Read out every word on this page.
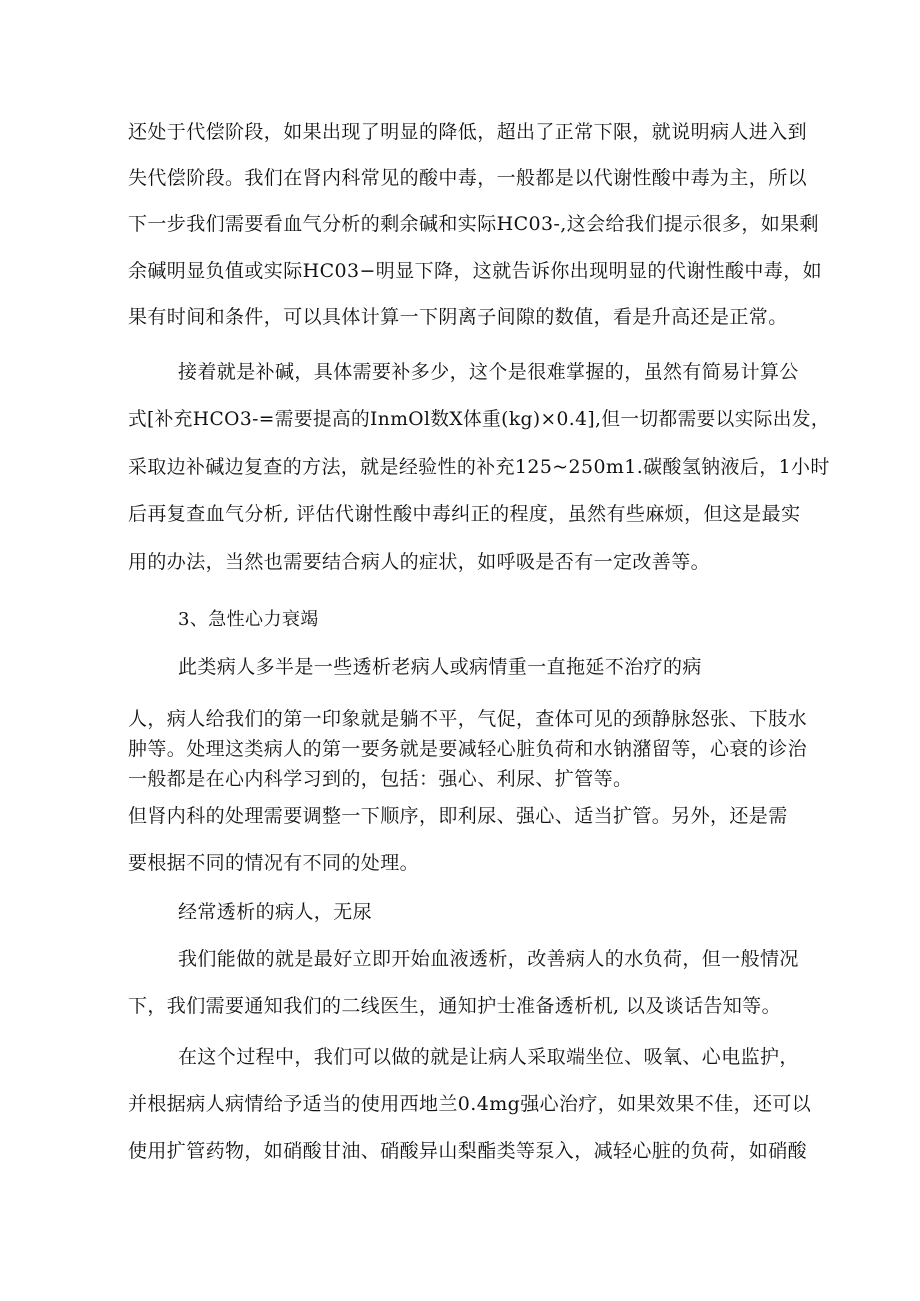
还处于代偿阶段，如果出现了明显的降低，超出了正常下限，就说明病人进入到
失代偿阶段。我们在肾内科常见的酸中毒，一般都是以代谢性酸中毒为主，所以
下一步我们需要看血气分析的剩余碱和实际HC03-,这会给我们提示很多，如果剩
余碱明显负值或实际HC03−明显下降，这就告诉你出现明显的代谢性酸中毒，如
果有时间和条件，可以具体计算一下阴离子间隙的数值，看是升高还是正常。
接着就是补碱，具体需要补多少，这个是很难掌握的，虽然有简易计算公
式[补充HCO3-=需要提高的InmOl数X体重(kg)×0.4],但一切都需要以实际出发，
采取边补碱边复查的方法，就是经验性的补充125~250m1.碳酸氢钠液后，1小时
后再复查血气分析, 评估代谢性酸中毒纠正的程度，虽然有些麻烦，但这是最实
用的办法，当然也需要结合病人的症状，如呼吸是否有一定改善等。
3、急性心力衰竭
此类病人多半是一些透析老病人或病情重一直拖延不治疗的病
人，病人给我们的第一印象就是躺不平，气促，查体可见的颈静脉怒张、下肢水
肿等。处理这类病人的第一要务就是要减轻心脏负荷和水钠潴留等，心衰的诊治
一般都是在心内科学习到的，包括：强心、利尿、扩管等。
但肾内科的处理需要调整一下顺序，即利尿、强心、适当扩管。另外，还是需
要根据不同的情况有不同的处理。
经常透析的病人，无尿
我们能做的就是最好立即开始血液透析，改善病人的水负荷，但一般情况
下，我们需要通知我们的二线医生，通知护士准备透析机, 以及谈话告知等。
在这个过程中，我们可以做的就是让病人采取端坐位、吸氧、心电监护，
并根据病人病情给予适当的使用西地兰0.4mg强心治疗，如果效果不佳，还可以
使用扩管药物，如硝酸甘油、硝酸异山梨酯类等泵入，减轻心脏的负荷，如硝酸
